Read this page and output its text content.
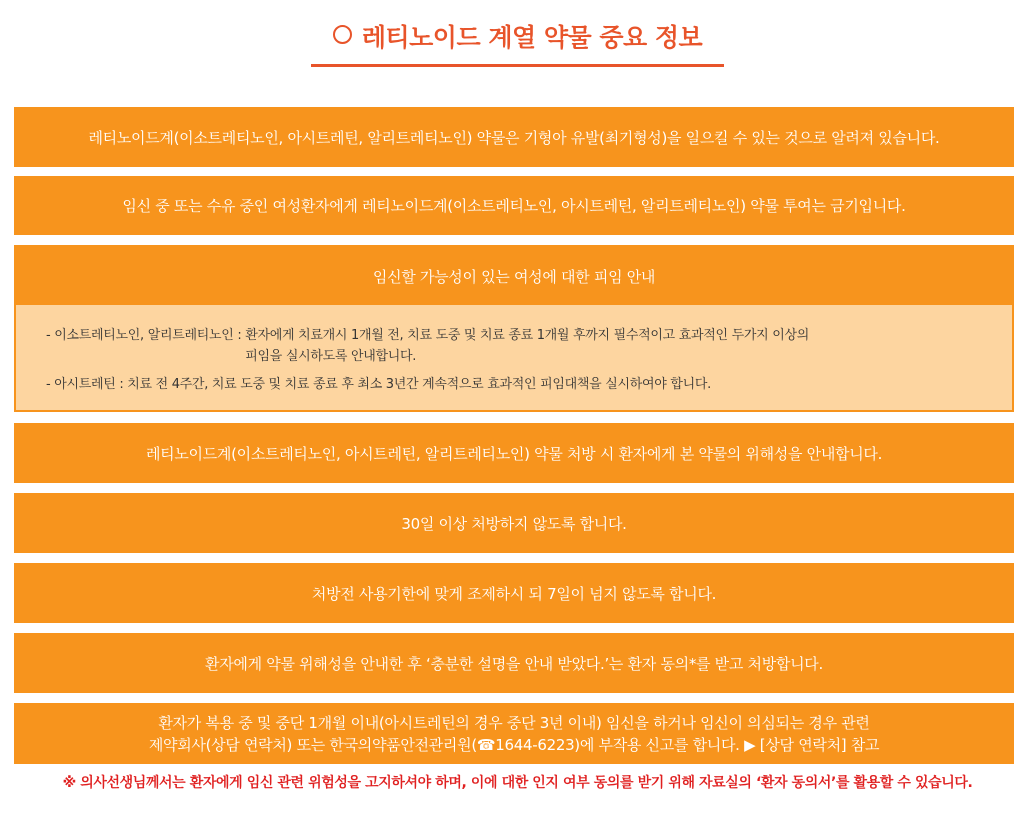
레티노이드 계열 약물 중요 정보
레티노이드계(이소트레티노인, 아시트레틴, 알리트레티노인) 약물은 기형아 유발(최기형성)을 일으킬 수 있는 것으로 알려져 있습니다.
임신 중 또는 수유 중인 여성환자에게 레티노이드계(이소트레티노인, 아시트레틴, 알리트레티노인) 약물 투여는 금기입니다.
임신할 가능성이 있는 여성에 대한 피임 안내
- 이소트레티노인, 알리트레티노인 : 환자에게 치료개시 1개월 전, 치료 도중 및 치료 종료 1개월 후까지 필수적이고 효과적인 두가지 이상의
피임을 실시하도록 안내합니다.
- 아시트레틴 : 치료 전 4주간, 치료 도중 및 치료 종료 후 최소 3년간 계속적으로 효과적인 피임대책을 실시하여야 합니다.
레티노이드계(이소트레티노인, 아시트레틴, 알리트레티노인) 약물 처방 시 환자에게 본 약물의 위해성을 안내합니다.
30일 이상 처방하지 않도록 합니다.
처방전 사용기한에 맞게 조제하시 되 7일이 넘지 않도록 합니다.
환자에게 약물 위해성을 안내한 후 ‘충분한 설명을 안내 받았다.’는 환자 동의*를 받고 처방합니다.
환자가 복용 중 및 중단 1개월 이내(아시트레틴의 경우 중단 3년 이내) 임신을 하거나 임신이 의심되는 경우 관련
제약회사(상담 연락처) 또는 한국의약품안전관리원(☎1644-6223)에 부작용 신고를 합니다. ▶ [상담 연락처] 참고
※ 의사선생님께서는 환자에게 임신 관련 위험성을 고지하셔야 하며, 이에 대한 인지 여부 동의를 받기 위해 자료실의 ‘환자 동의서’를 활용할 수 있습니다.
